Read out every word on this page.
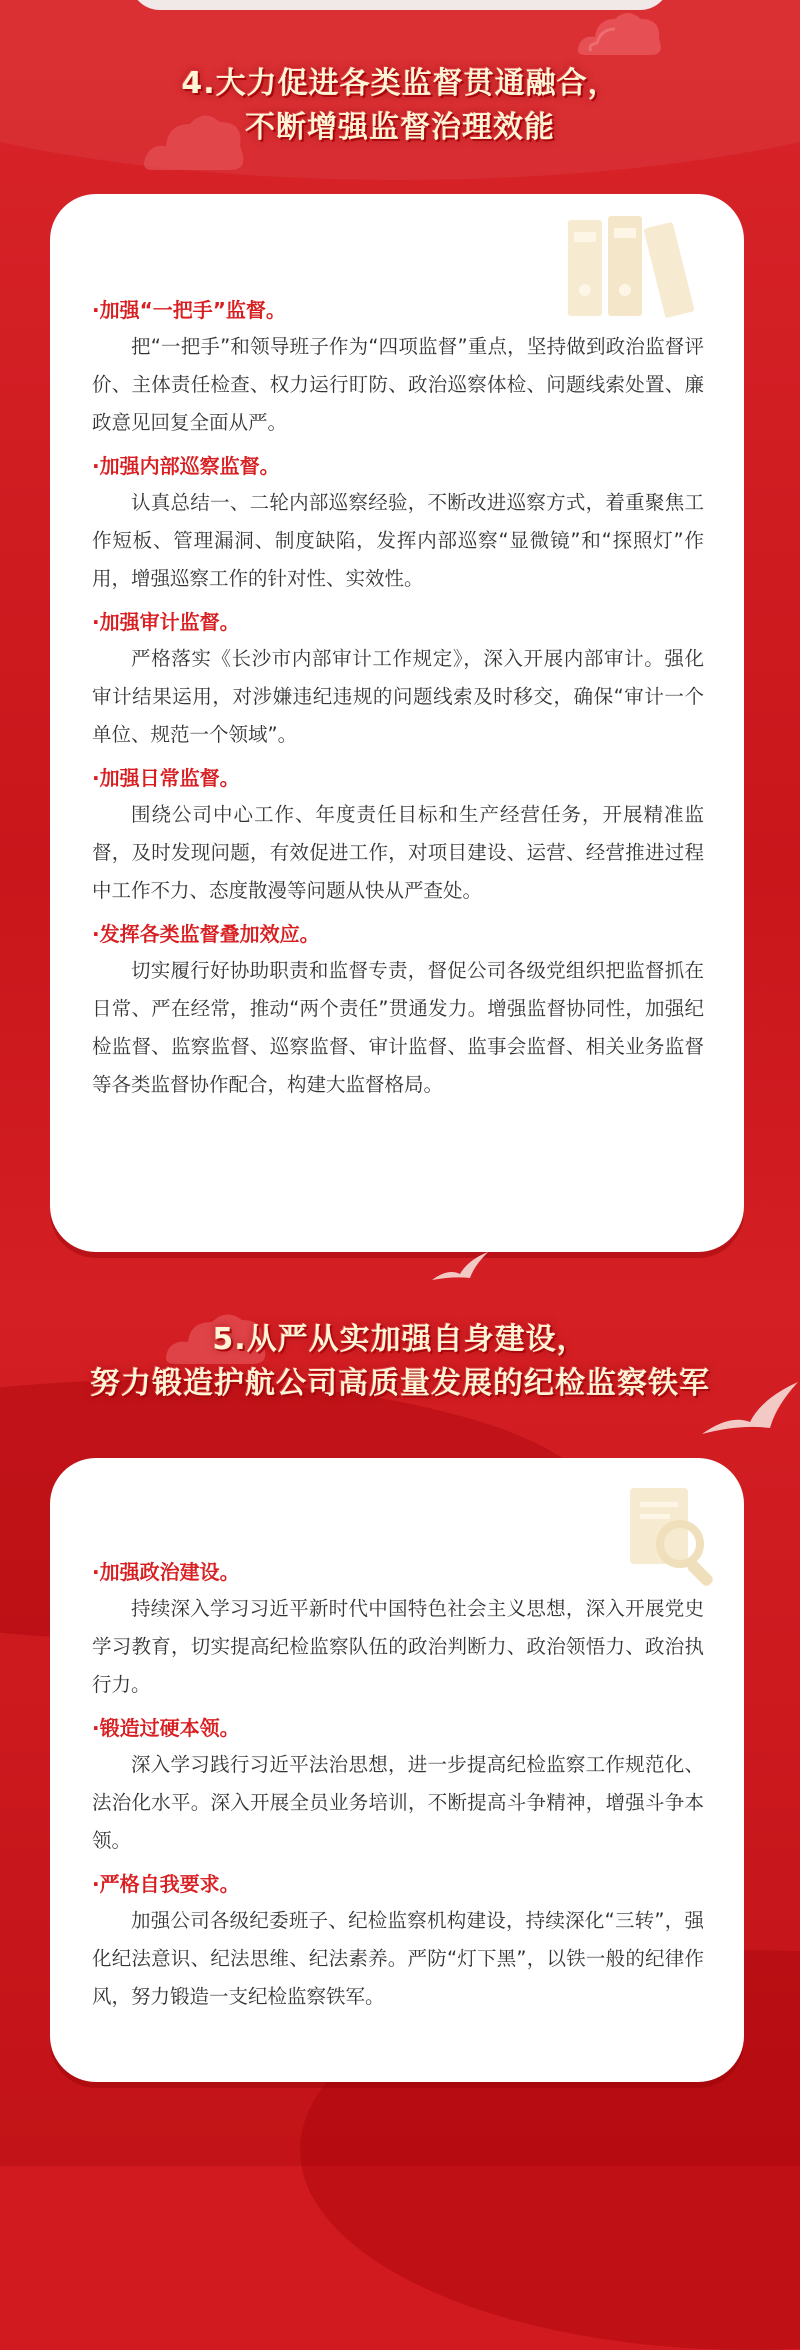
4.大力促进各类监督贯通融合，
不断增强监督治理效能

·加强“一把手”监督。

把“一把手”和领导班子作为“四项监督”重点，坚持做到政治监督评价、主体责任检查、权力运行盯防、政治巡察体检、问题线索处置、廉政意见回复全面从严。

·加强内部巡察监督。

认真总结一、二轮内部巡察经验，不断改进巡察方式，着重聚焦工作短板、管理漏洞、制度缺陷，发挥内部巡察“显微镜”和“探照灯”作用，增强巡察工作的针对性、实效性。

·加强审计监督。

严格落实《长沙市内部审计工作规定》，深入开展内部审计。强化审计结果运用，对涉嫌违纪违规的问题线索及时移交，确保“审计一个单位、规范一个领域”。

·加强日常监督。

围绕公司中心工作、年度责任目标和生产经营任务，开展精准监督，及时发现问题，有效促进工作，对项目建设、运营、经营推进过程中工作不力、态度散漫等问题从快从严查处。

·发挥各类监督叠加效应。

切实履行好协助职责和监督专责，督促公司各级党组织把监督抓在日常、严在经常，推动“两个责任”贯通发力。增强监督协同性，加强纪检监督、监察监督、巡察监督、审计监督、监事会监督、相关业务监督等各类监督协作配合，构建大监督格局。

5.从严从实加强自身建设，
努力锻造护航公司高质量发展的纪检监察铁军

·加强政治建设。

持续深入学习习近平新时代中国特色社会主义思想，深入开展党史学习教育，切实提高纪检监察队伍的政治判断力、政治领悟力、政治执行力。

·锻造过硬本领。

深入学习践行习近平法治思想，进一步提高纪检监察工作规范化、法治化水平。深入开展全员业务培训，不断提高斗争精神，增强斗争本领。

·严格自我要求。

加强公司各级纪委班子、纪检监察机构建设，持续深化“三转”，强化纪法意识、纪法思维、纪法素养。严防“灯下黑”，以铁一般的纪律作风，努力锻造一支纪检监察铁军。
